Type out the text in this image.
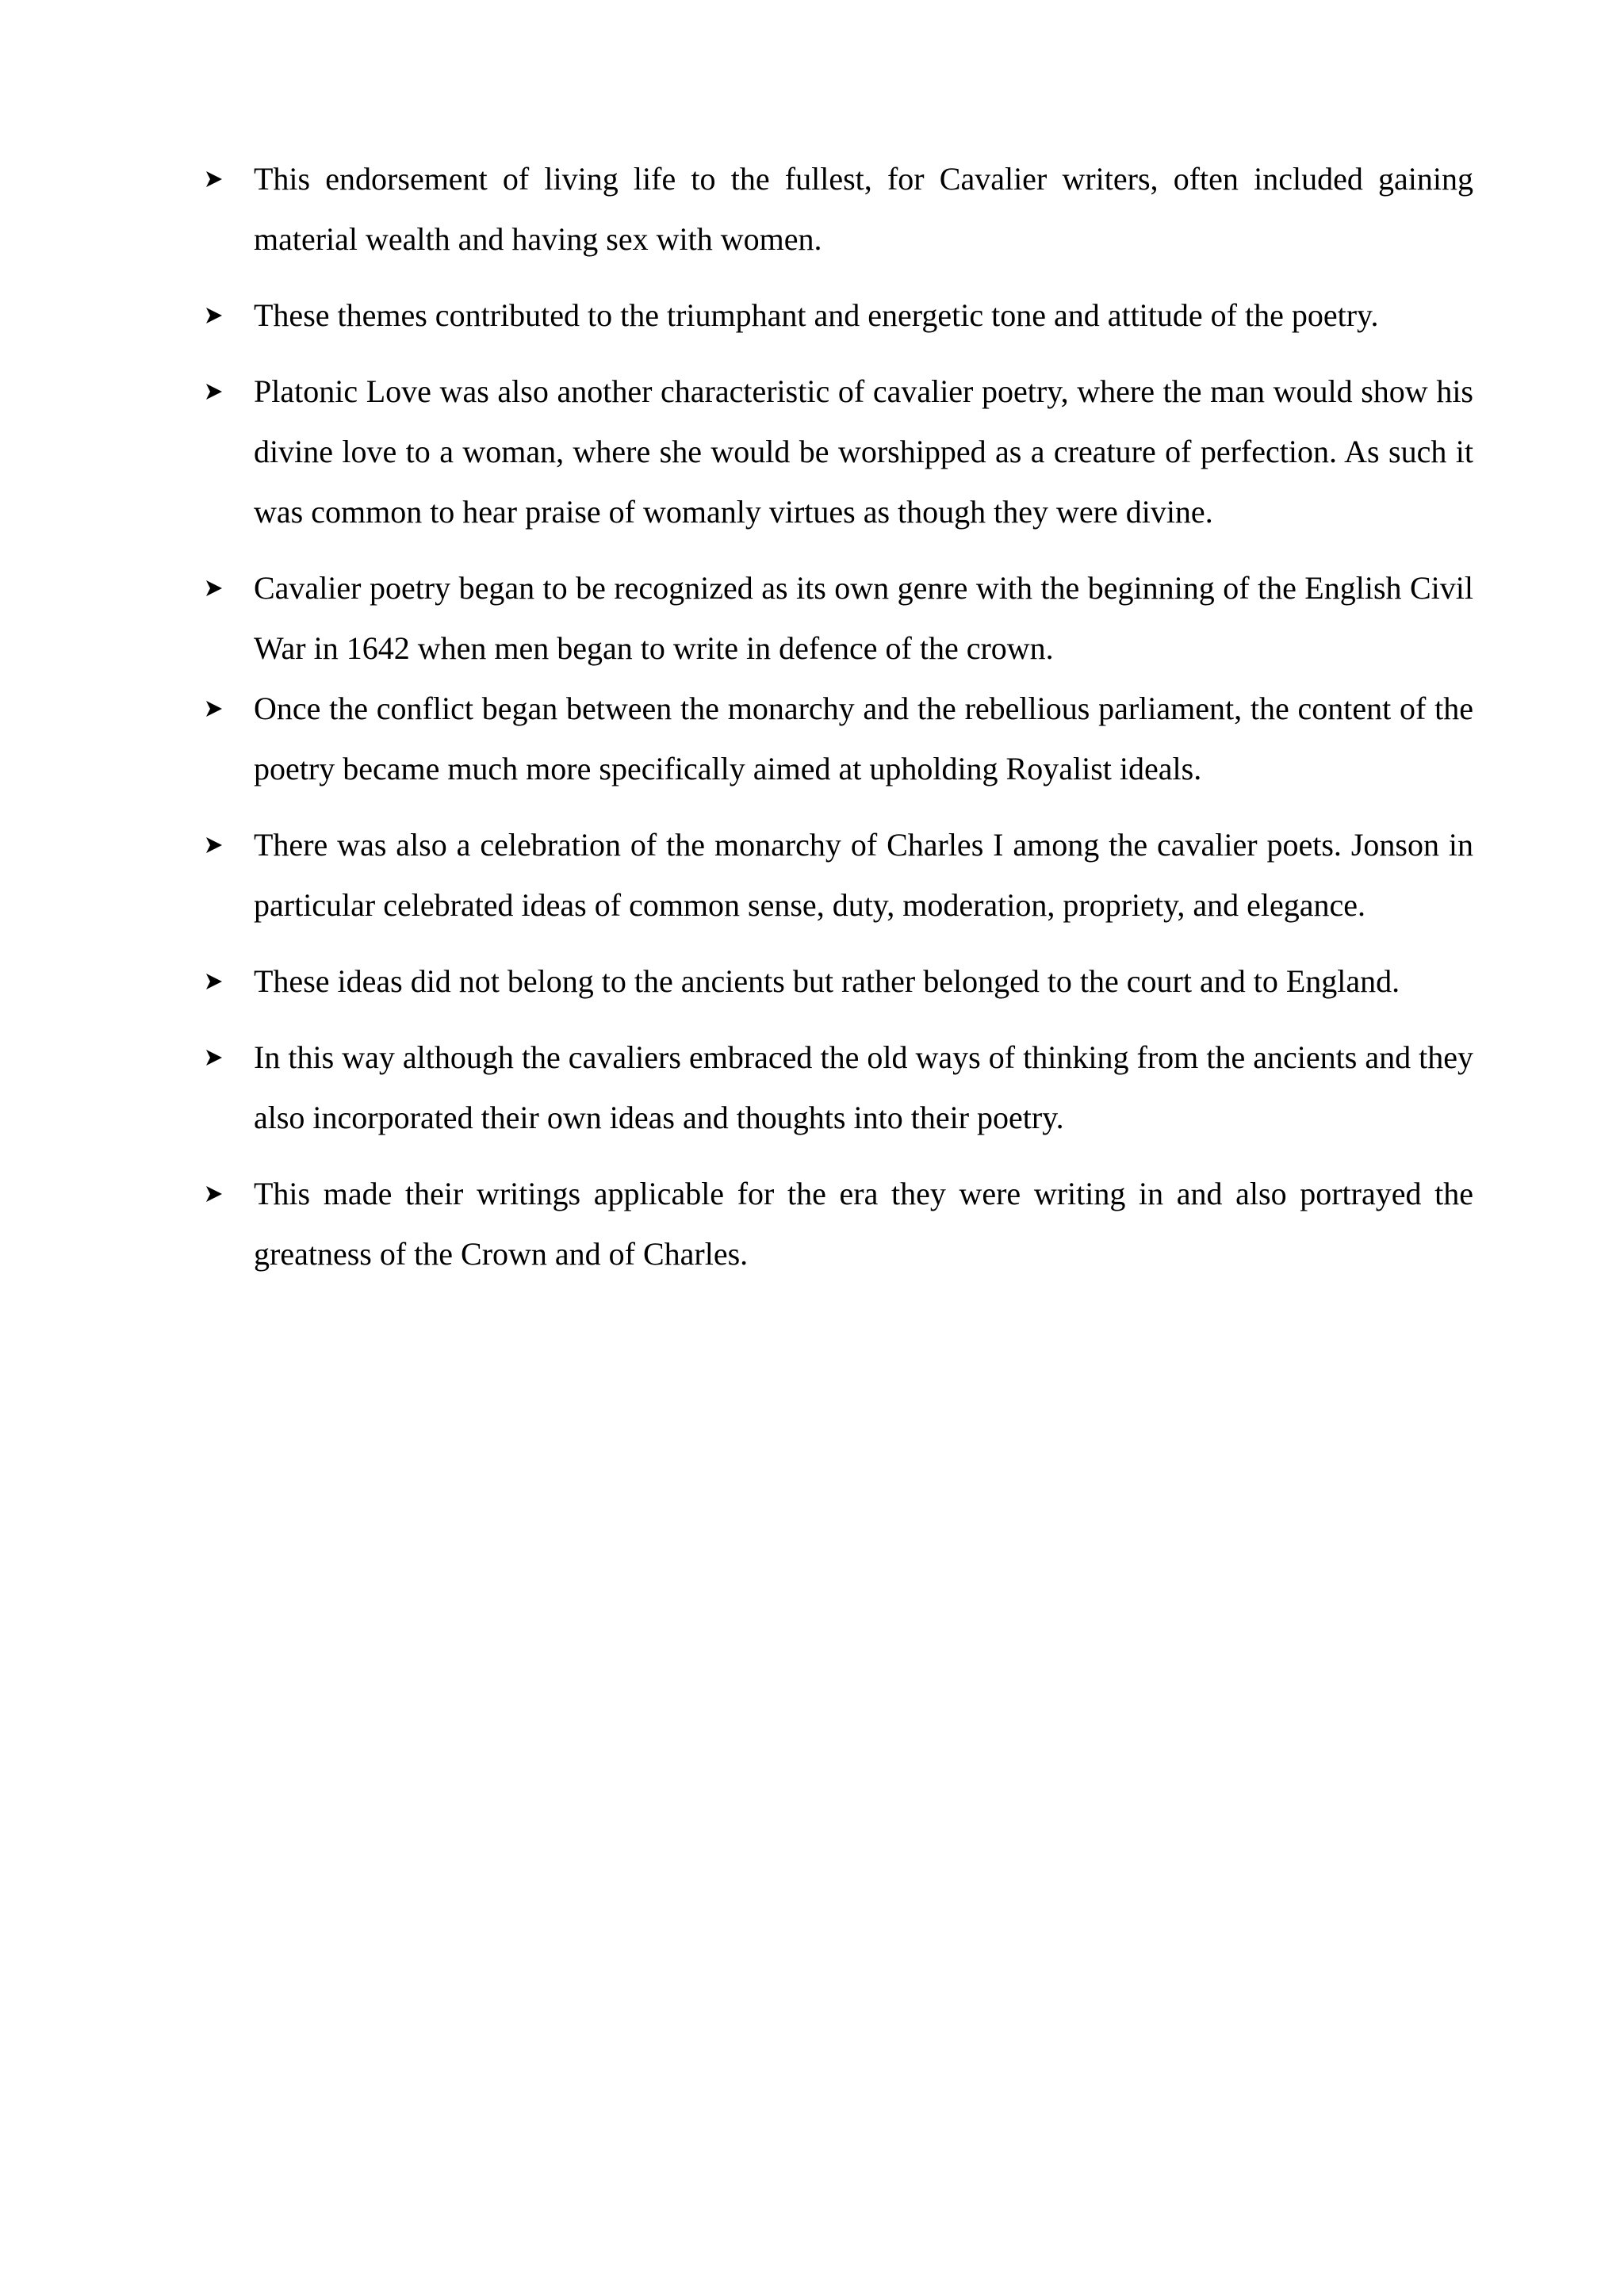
This endorsement of living life to the fullest, for Cavalier writers, often included gaining material wealth and having sex with women.
These themes contributed to the triumphant and energetic tone and attitude of the poetry.
Platonic Love was also another characteristic of cavalier poetry, where the man would show his divine love to a woman, where she would be worshipped as a creature of perfection. As such it was common to hear praise of womanly virtues as though they were divine.
Cavalier poetry began to be recognized as its own genre with the beginning of the English Civil War in 1642 when men began to write in defence of the crown.
Once the conflict began between the monarchy and the rebellious parliament, the content of the poetry became much more specifically aimed at upholding Royalist ideals.
There was also a celebration of the monarchy of Charles I among the cavalier poets. Jonson in particular celebrated ideas of common sense, duty, moderation, propriety, and elegance.
These ideas did not belong to the ancients but rather belonged to the court and to England.
In this way although the cavaliers embraced the old ways of thinking from the ancients and they also incorporated their own ideas and thoughts into their poetry.
This made their writings applicable for the era they were writing in and also portrayed the greatness of the Crown and of Charles.
